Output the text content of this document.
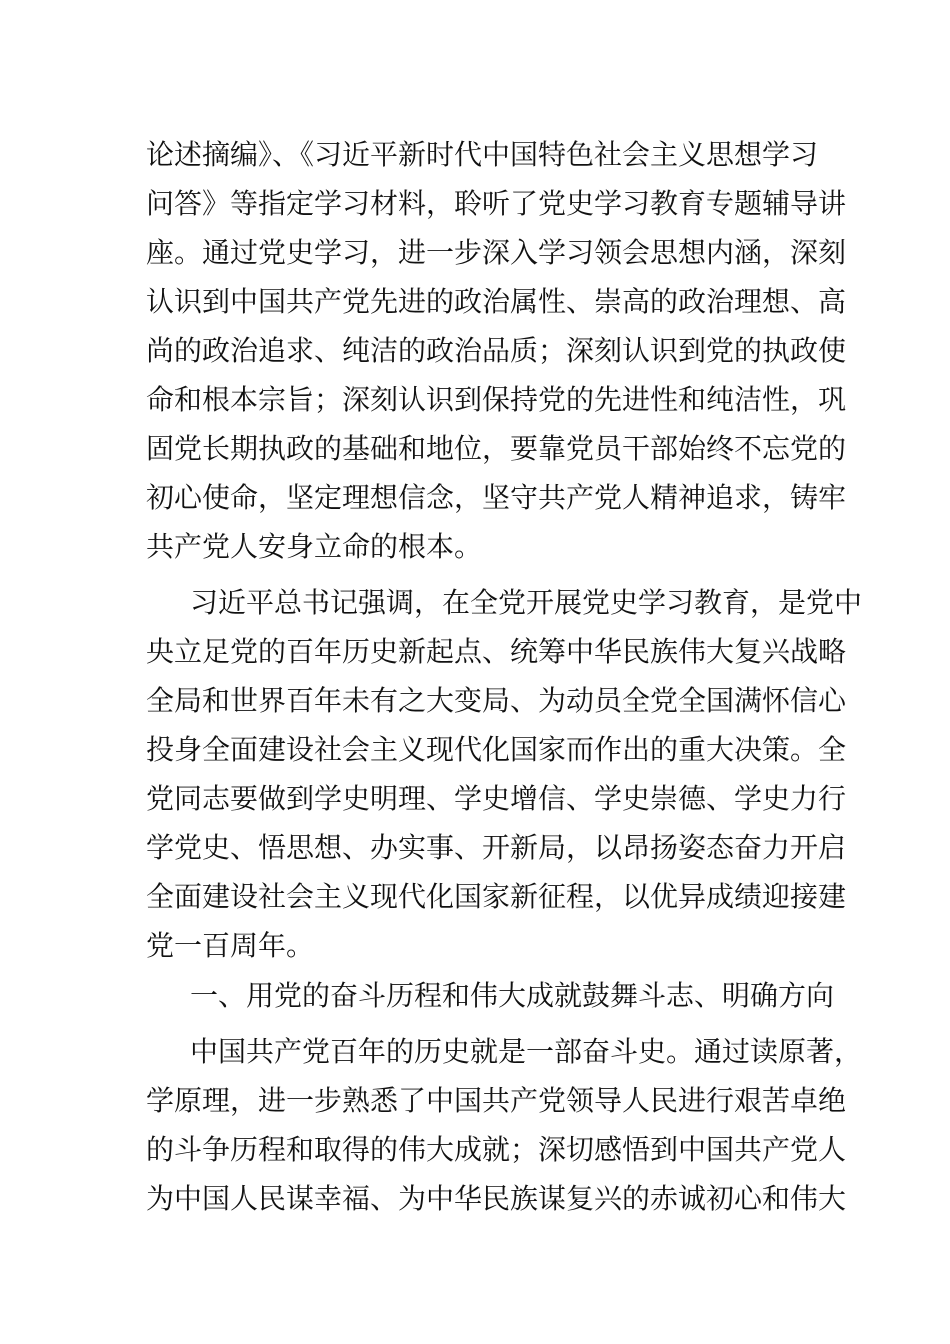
论述摘编》、《习近平新时代中国特色社会主义思想学习

问答》等指定学习材料，聆听了党史学习教育专题辅导讲

座。通过党史学习，进一步深入学习领会思想内涵，深刻

认识到中国共产党先进的政治属性、崇高的政治理想、高

尚的政治追求、纯洁的政治品质；深刻认识到党的执政使

命和根本宗旨；深刻认识到保持党的先进性和纯洁性，巩

固党长期执政的基础和地位，要靠党员干部始终不忘党的

初心使命，坚定理想信念，坚守共产党人精神追求，铸牢

共产党人安身立命的根本。

习近平总书记强调，在全党开展党史学习教育，是党中

央立足党的百年历史新起点、统筹中华民族伟大复兴战略

全局和世界百年未有之大变局、为动员全党全国满怀信心

投身全面建设社会主义现代化国家而作出的重大决策。全

党同志要做到学史明理、学史增信、学史崇德、学史力行

学党史、悟思想、办实事、开新局，以昂扬姿态奋力开启

全面建设社会主义现代化国家新征程，以优异成绩迎接建

党一百周年。

一、用党的奋斗历程和伟大成就鼓舞斗志、明确方向

中国共产党百年的历史就是一部奋斗史。通过读原著，

学原理，进一步熟悉了中国共产党领导人民进行艰苦卓绝

的斗争历程和取得的伟大成就；深切感悟到中国共产党人

为中国人民谋幸福、为中华民族谋复兴的赤诚初心和伟大
